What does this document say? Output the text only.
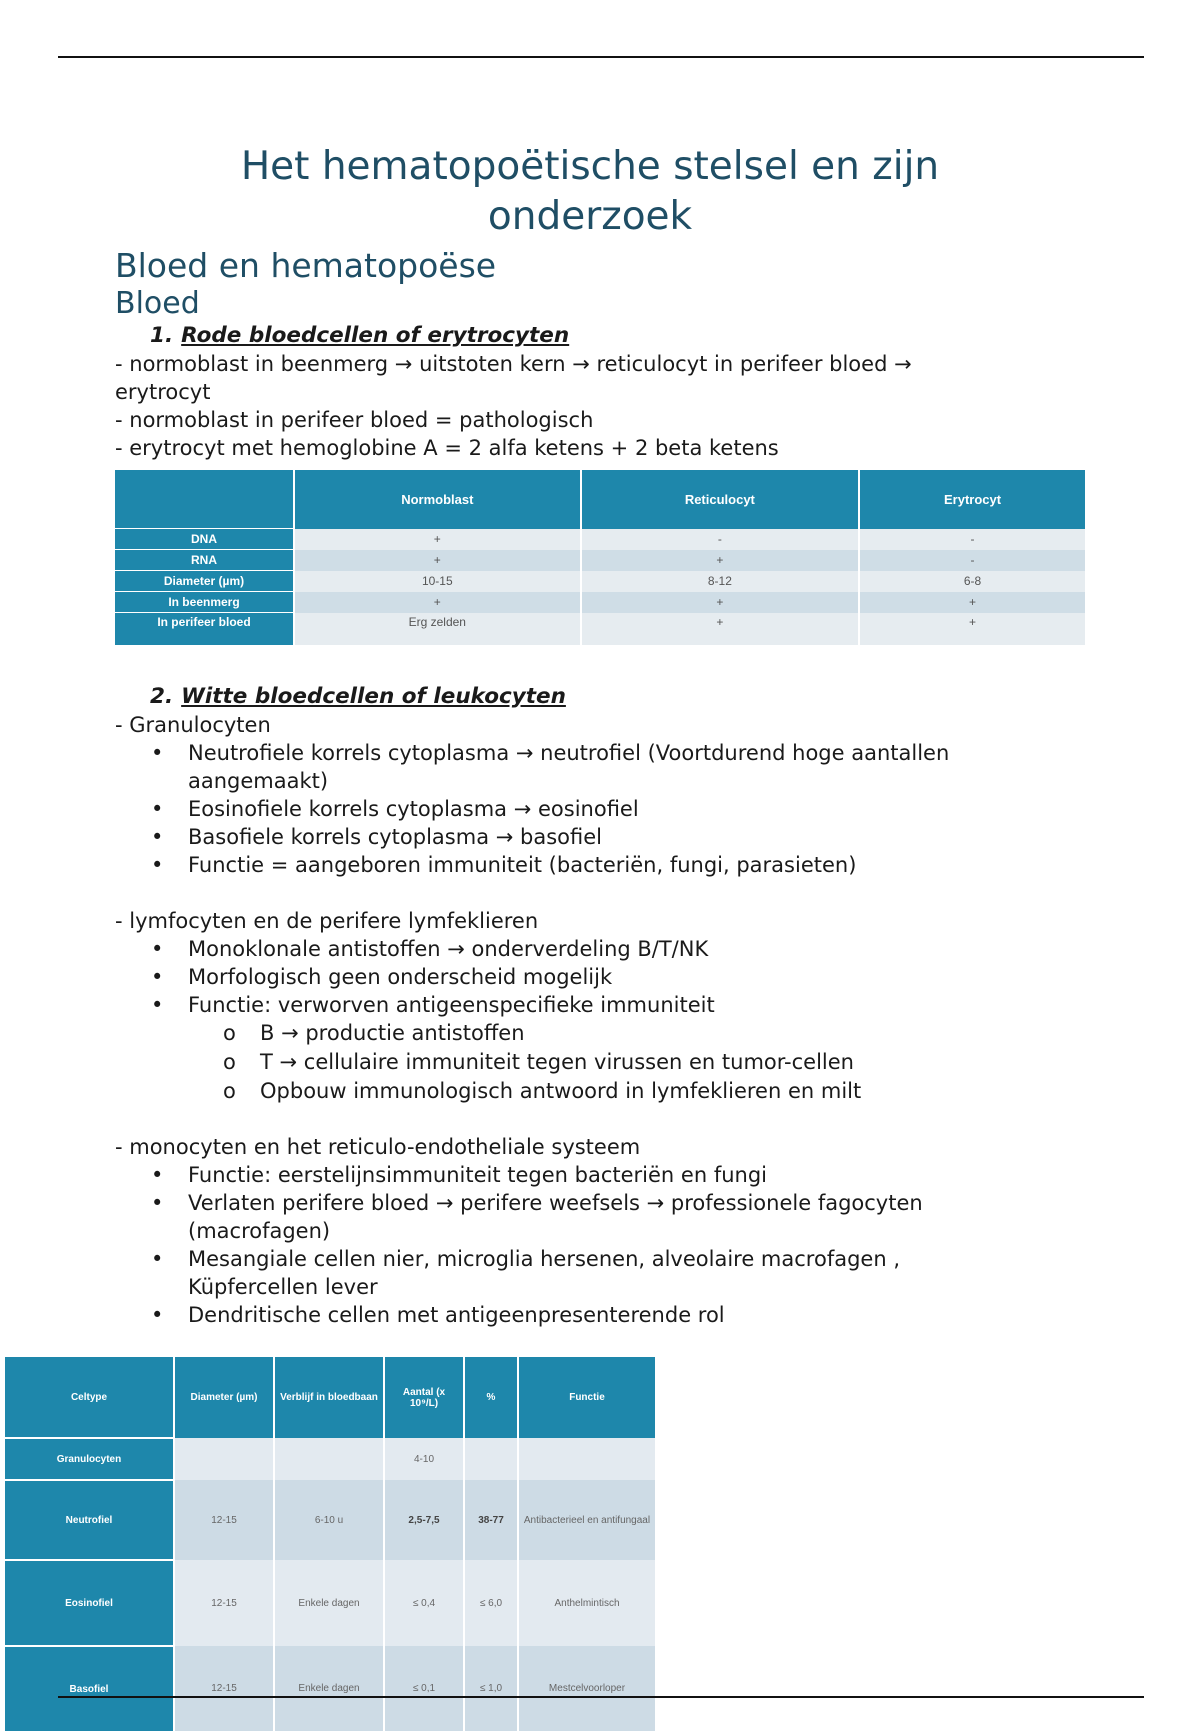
Het hematopoëtische stelsel en zijn onderzoek
Bloed en hematopoëse
Bloed
1. Rode bloedcellen of erytrocyten
- normoblast in beenmerg → uitstoten kern → reticulocyt in perifeer bloed →
erytrocyt
- normoblast in perifeer bloed = pathologisch
- erytrocyt met hemoglobine A = 2 alfa ketens + 2 beta ketens
	Normoblast	Reticulocyt	Erytrocyt
DNA	+	-	-
RNA	+	+	-
Diameter (µm)	10-15	8-12	6-8
In beenmerg	+	+	+
In perifeer bloed	Erg zelden	+	+
2. Witte bloedcellen of leukocyten
- Granulocyten
• Neutrofiele korrels cytoplasma → neutrofiel (Voortdurend hoge aantallen
aangemaakt)
• Eosinofiele korrels cytoplasma → eosinofiel
• Basofiele korrels cytoplasma → basofiel
• Functie = aangeboren immuniteit (bacteriën, fungi, parasieten)
- lymfocyten en de perifere lymfeklieren
• Monoklonale antistoffen → onderverdeling B/T/NK
• Morfologisch geen onderscheid mogelijk
• Functie: verworven antigeenspecifieke immuniteit
o B → productie antistoffen
o T → cellulaire immuniteit tegen virussen en tumor-cellen
o Opbouw immunologisch antwoord in lymfeklieren en milt
- monocyten en het reticulo-endotheliale systeem
• Functie: eerstelijnsimmuniteit tegen bacteriën en fungi
• Verlaten perifere bloed → perifere weefsels → professionele fagocyten
(macrofagen)
• Mesangiale cellen nier, microglia hersenen, alveolaire macrofagen ,
Küpfercellen lever
• Dendritische cellen met antigeenpresenterende rol
Celtype	Diameter (µm)	Verblijf in bloedbaan	Aantal (x 10⁹/L)	%	Functie
Granulocyten			4-10		
Neutrofiel	12-15	6-10 u	2,5-7,5	38-77	Antibacterieel en antifungaal
Eosinofiel	12-15	Enkele dagen	≤ 0,4	≤ 6,0	Anthelmintisch
Basofiel	12-15	Enkele dagen	≤ 0,1	≤ 1,0	Mestcelvoorloper
